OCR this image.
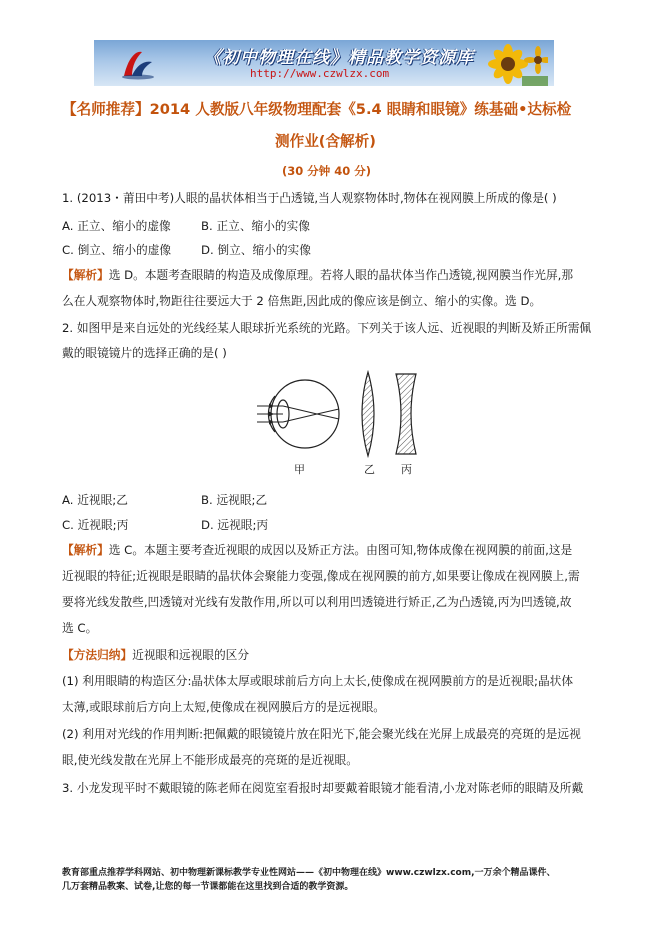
《初中物理在线》精品教学资源库
http://www.czwlzx.com
【名师推荐】2014 人教版八年级物理配套《5.4 眼睛和眼镜》练基础•达标检
测作业(含解析)
(30 分钟 40 分)
1. (2013・莆田中考)人眼的晶状体相当于凸透镜,当人观察物体时,物体在视网膜上所成的像是( )
A. 正立、缩小的虚像	B. 正立、缩小的实像
C. 倒立、缩小的虚像	D. 倒立、缩小的实像
【解析】选 D。本题考查眼睛的构造及成像原理。若将人眼的晶状体当作凸透镜,视网膜当作光屏,那
么在人观察物体时,物距往往要远大于 2 倍焦距,因此成的像应该是倒立、缩小的实像。选 D。
2. 如图甲是来自远处的光线经某人眼球折光系统的光路。下列关于该人远、近视眼的判断及矫正所需佩
戴的眼镜镜片的选择正确的是( )
甲	乙 丙
A. 近视眼;乙	B. 远视眼;乙
C. 近视眼;丙	D. 远视眼;丙
【解析】选 C。本题主要考查近视眼的成因以及矫正方法。由图可知,物体成像在视网膜的前面,这是
近视眼的特征;近视眼是眼睛的晶状体会聚能力变强,像成在视网膜的前方,如果要让像成在视网膜上,需
要将光线发散些,凹透镜对光线有发散作用,所以可以利用凹透镜进行矫正,乙为凸透镜,丙为凹透镜,故
选 C。
【方法归纳】近视眼和远视眼的区分
(1) 利用眼睛的构造区分:晶状体太厚或眼球前后方向上太长,使像成在视网膜前方的是近视眼;晶状体
太薄,或眼球前后方向上太短,使像成在视网膜后方的是远视眼。
(2) 利用对光线的作用判断:把佩戴的眼镜镜片放在阳光下,能会聚光线在光屏上成最亮的亮斑的是远视
眼,使光线发散在光屏上不能形成最亮的亮斑的是近视眼。
3. 小龙发现平时不戴眼镜的陈老师在阅览室看报时却要戴着眼镜才能看清,小龙对陈老师的眼睛及所戴
教育部重点推荐学科网站、初中物理新课标教学专业性网站——《初中物理在线》www.czwlzx.com,一万余个精品课件、
几万套精品教案、试卷,让您的每一节课都能在这里找到合适的教学资源。
